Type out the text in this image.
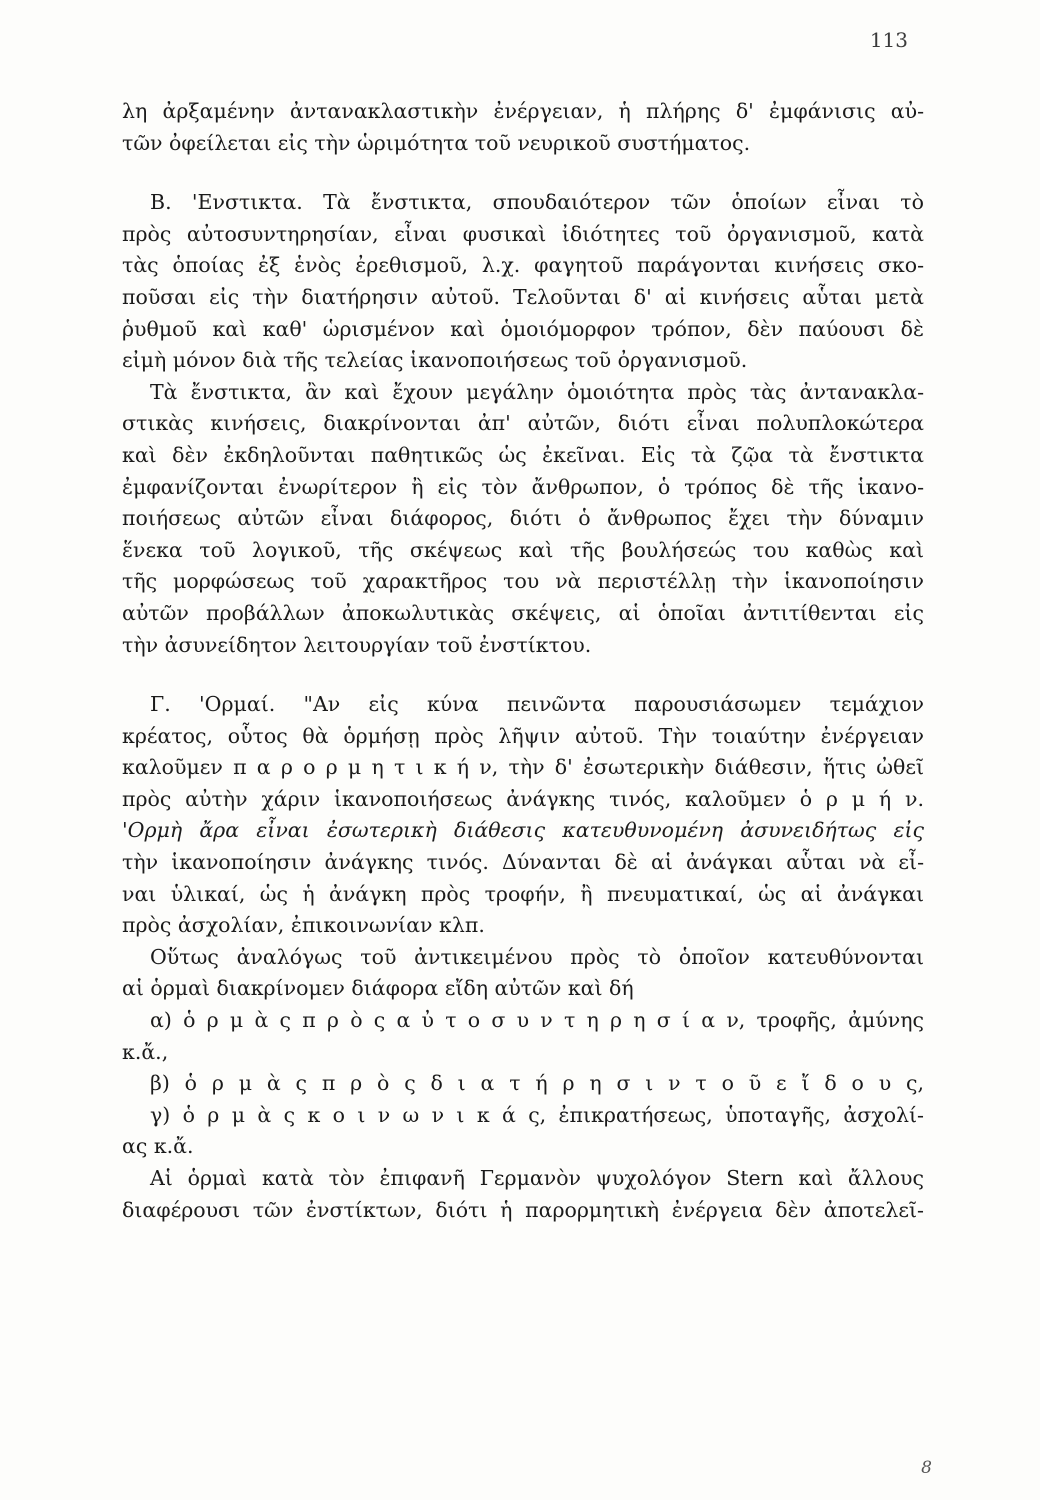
113
λη ἀρξαμένην ἀντανακλαστικὴν ἐνέργειαν, ἡ πλήρης δ' ἐμφάνισις αὐ-
τῶν ὀφείλεται εἰς τὴν ὡριμότητα τοῦ νευρικοῦ συστήματος.
Β. 'Ενστικτα. Τὰ ἔνστικτα, σπουδαιότερον τῶν ὁποίων εἶναι τὸ
πρὸς αὐτοσυντηρησίαν, εἶναι φυσικαὶ ἰδιότητες τοῦ ὀργανισμοῦ, κατὰ
τὰς ὁποίας ἐξ ἑνὸς ἐρεθισμοῦ, λ.χ. φαγητοῦ παράγονται κινήσεις σκο-
ποῦσαι εἰς τὴν διατήρησιν αὐτοῦ. Τελοῦνται δ' αἱ κινήσεις αὗται μετὰ
ῥυθμοῦ καὶ καθ' ὡρισμένον καὶ ὁμοιόμορφον τρόπον, δὲν παύουσι δὲ
εἰμὴ μόνον διὰ τῆς τελείας ἱκανοποιήσεως τοῦ ὀργανισμοῦ.
Τὰ ἔνστικτα, ἂν καὶ ἔχουν μεγάλην ὁμοιότητα πρὸς τὰς ἀντανακλα-
στικὰς κινήσεις, διακρίνονται ἀπ' αὐτῶν, διότι εἶναι πολυπλοκώτερα
καὶ δὲν ἐκδηλοῦνται παθητικῶς ὡς ἐκεῖναι. Εἰς τὰ ζῷα τὰ ἔνστικτα
ἐμφανίζονται ἐνωρίτερον ἢ εἰς τὸν ἄνθρωπον, ὁ τρόπος δὲ τῆς ἱκανο-
ποιήσεως αὐτῶν εἶναι διάφορος, διότι ὁ ἄνθρωπος ἔχει τὴν δύναμιν
ἕνεκα τοῦ λογικοῦ, τῆς σκέψεως καὶ τῆς βουλήσεώς του καθὼς καὶ
τῆς μορφώσεως τοῦ χαρακτῆρος του νὰ περιστέλλῃ τὴν ἱκανοποίησιν
αὐτῶν προβάλλων ἀποκωλυτικὰς σκέψεις, αἱ ὁποῖαι ἀντιτίθενται εἰς
τὴν ἀσυνείδητον λειτουργίαν τοῦ ἐνστίκτου.
Γ. 'Ορμαί. "Αν εἰς κύνα πεινῶντα παρουσιάσωμεν τεμάχιον
κρέατος, οὗτος θὰ ὁρμήσῃ πρὸς λῆψιν αὐτοῦ. Τὴν τοιαύτην ἐνέργειαν
καλοῦμεν π α ρ ο ρ μ η τ ι κ ή ν, τὴν δ' ἐσωτερικὴν διάθεσιν, ἥτις ὠθεῖ
πρὸς αὐτὴν χάριν ἱκανοποιήσεως ἀνάγκης τινός, καλοῦμεν ὁ ρ μ ή ν.
'Ορμὴ ἄρα εἶναι ἐσωτερικὴ διάθεσις κατευθυνομένη ἀσυνειδήτως εἰς
τὴν ἱκανοποίησιν ἀνάγκης τινός. Δύνανται δὲ αἱ ἀνάγκαι αὗται νὰ εἶ-
ναι ὑλικαί, ὡς ἡ ἀνάγκη πρὸς τροφήν, ἢ πνευματικαί, ὡς αἱ ἀνάγκαι
πρὸς ἀσχολίαν, ἐπικοινωνίαν κλπ.
Οὕτως ἀναλόγως τοῦ ἀντικειμένου πρὸς τὸ ὁποῖον κατευθύνονται
αἱ ὁρμαὶ διακρίνομεν διάφορα εἴδη αὐτῶν καὶ δή
α) ὁ ρ μ ὰ ς π ρ ὸ ς α ὐ τ ο σ υ ν τ η ρ η σ ί α ν, τροφῆς, ἀμύνης
κ.ἄ.,
β) ὁ ρ μ ὰ ς π ρ ὸ ς δ ι α τ ή ρ η σ ι ν τ ο ῦ ε ἴ δ ο υ ς,
γ) ὁ ρ μ ὰ ς κ ο ι ν ω ν ι κ ά ς, ἐπικρατήσεως, ὑποταγῆς, ἀσχολί-
ας κ.ἄ.
Αἱ ὁρμαὶ κατὰ τὸν ἐπιφανῆ Γερμανὸν ψυχολόγον Stern καὶ ἄλλους
διαφέρουσι τῶν ἐνστίκτων, διότι ἡ παρορμητικὴ ἐνέργεια δὲν ἀποτελεῖ-
8
